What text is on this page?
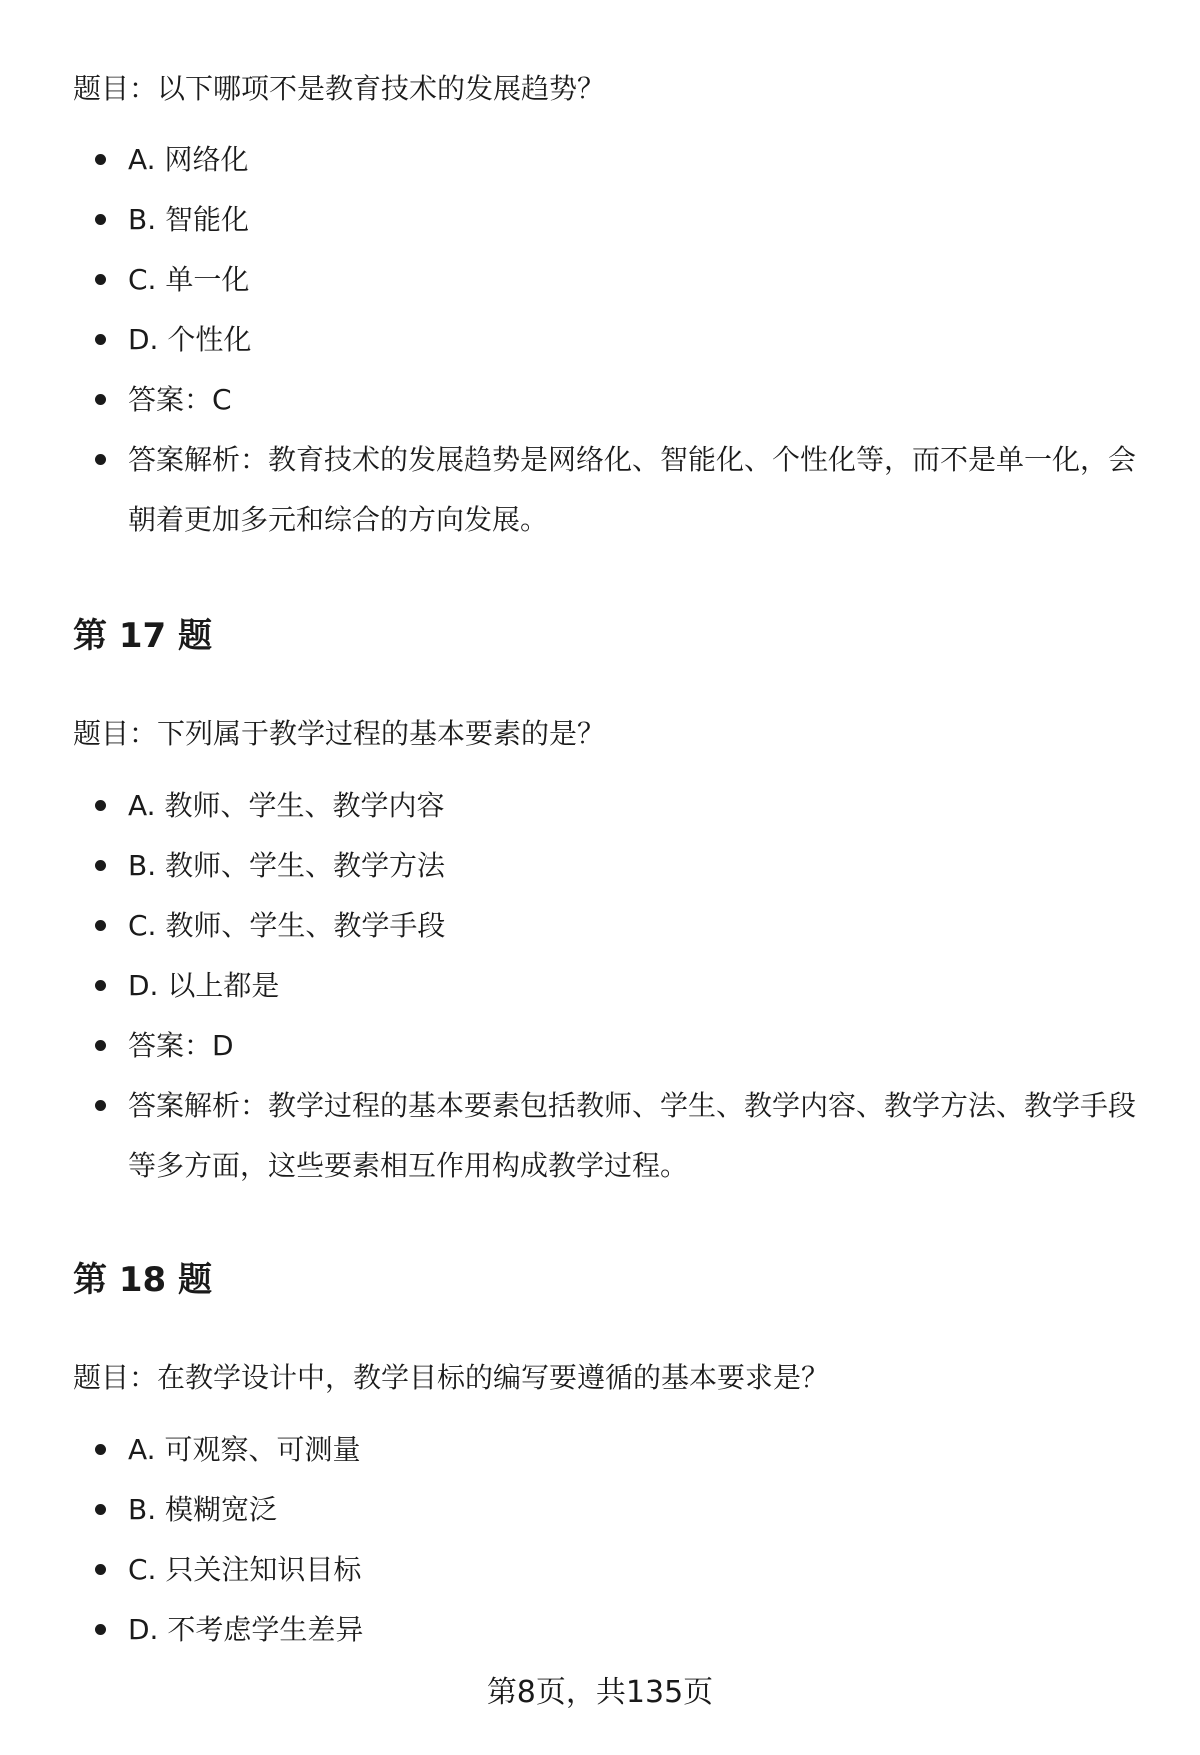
题目：以下哪项不是教育技术的发展趋势？

A. 网络化
B. 智能化
C. 单一化
D. 个性化
答案：C
答案解析：教育技术的发展趋势是网络化、智能化、个性化等，而不是单一化，会朝着更加多元和综合的方向发展。
第 17 题

题目：下列属于教学过程的基本要素的是？

A. 教师、学生、教学内容
B. 教师、学生、教学方法
C. 教师、学生、教学手段
D. 以上都是
答案：D
答案解析：教学过程的基本要素包括教师、学生、教学内容、教学方法、教学手段等多方面，这些要素相互作用构成教学过程。
第 18 题

题目：在教学设计中，教学目标的编写要遵循的基本要求是？

A. 可观察、可测量
B. 模糊宽泛
C. 只关注知识目标
D. 不考虑学生差异
第8页，共135页
